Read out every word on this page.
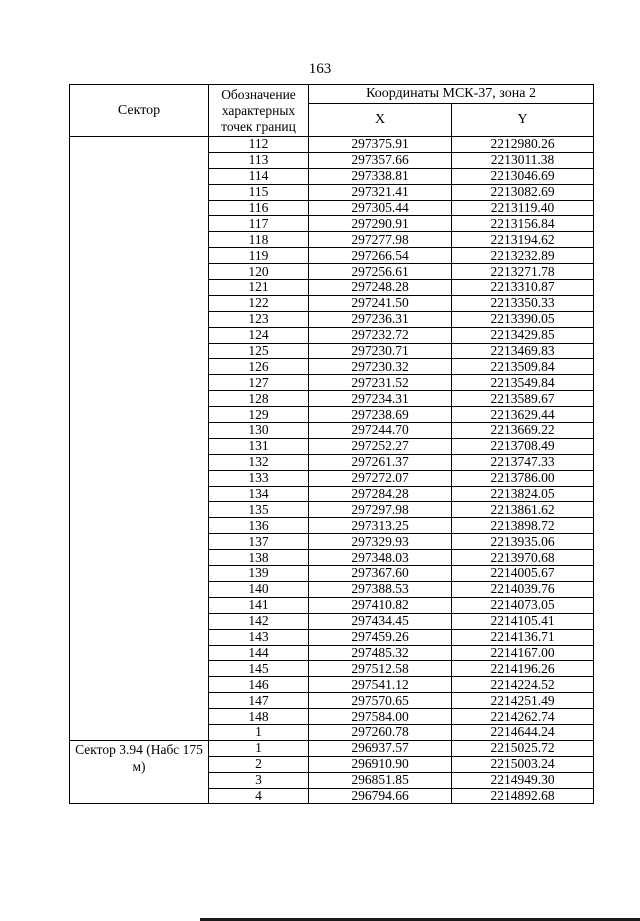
163
Сектор	Обозначение характерных точек границ	Координаты МСК-37, зона 2	
		X	Y
	112	297375.91	2212980.26
	113	297357.66	2213011.38
	114	297338.81	2213046.69
	115	297321.41	2213082.69
	116	297305.44	2213119.40
	117	297290.91	2213156.84
	118	297277.98	2213194.62
	119	297266.54	2213232.89
	120	297256.61	2213271.78
	121	297248.28	2213310.87
	122	297241.50	2213350.33
	123	297236.31	2213390.05
	124	297232.72	2213429.85
	125	297230.71	2213469.83
	126	297230.32	2213509.84
	127	297231.52	2213549.84
	128	297234.31	2213589.67
	129	297238.69	2213629.44
	130	297244.70	2213669.22
	131	297252.27	2213708.49
	132	297261.37	2213747.33
	133	297272.07	2213786.00
	134	297284.28	2213824.05
	135	297297.98	2213861.62
	136	297313.25	2213898.72
	137	297329.93	2213935.06
	138	297348.03	2213970.68
	139	297367.60	2214005.67
	140	297388.53	2214039.76
	141	297410.82	2214073.05
	142	297434.45	2214105.41
	143	297459.26	2214136.71
	144	297485.32	2214167.00
	145	297512.58	2214196.26
	146	297541.12	2214224.52
	147	297570.65	2214251.49
	148	297584.00	2214262.74
	1	297260.78	2214644.24
Сектор 3.94 (Набс 175 м)	1	296937.57	2215025.72
	2	296910.90	2215003.24
	3	296851.85	2214949.30
	4	296794.66	2214892.68
